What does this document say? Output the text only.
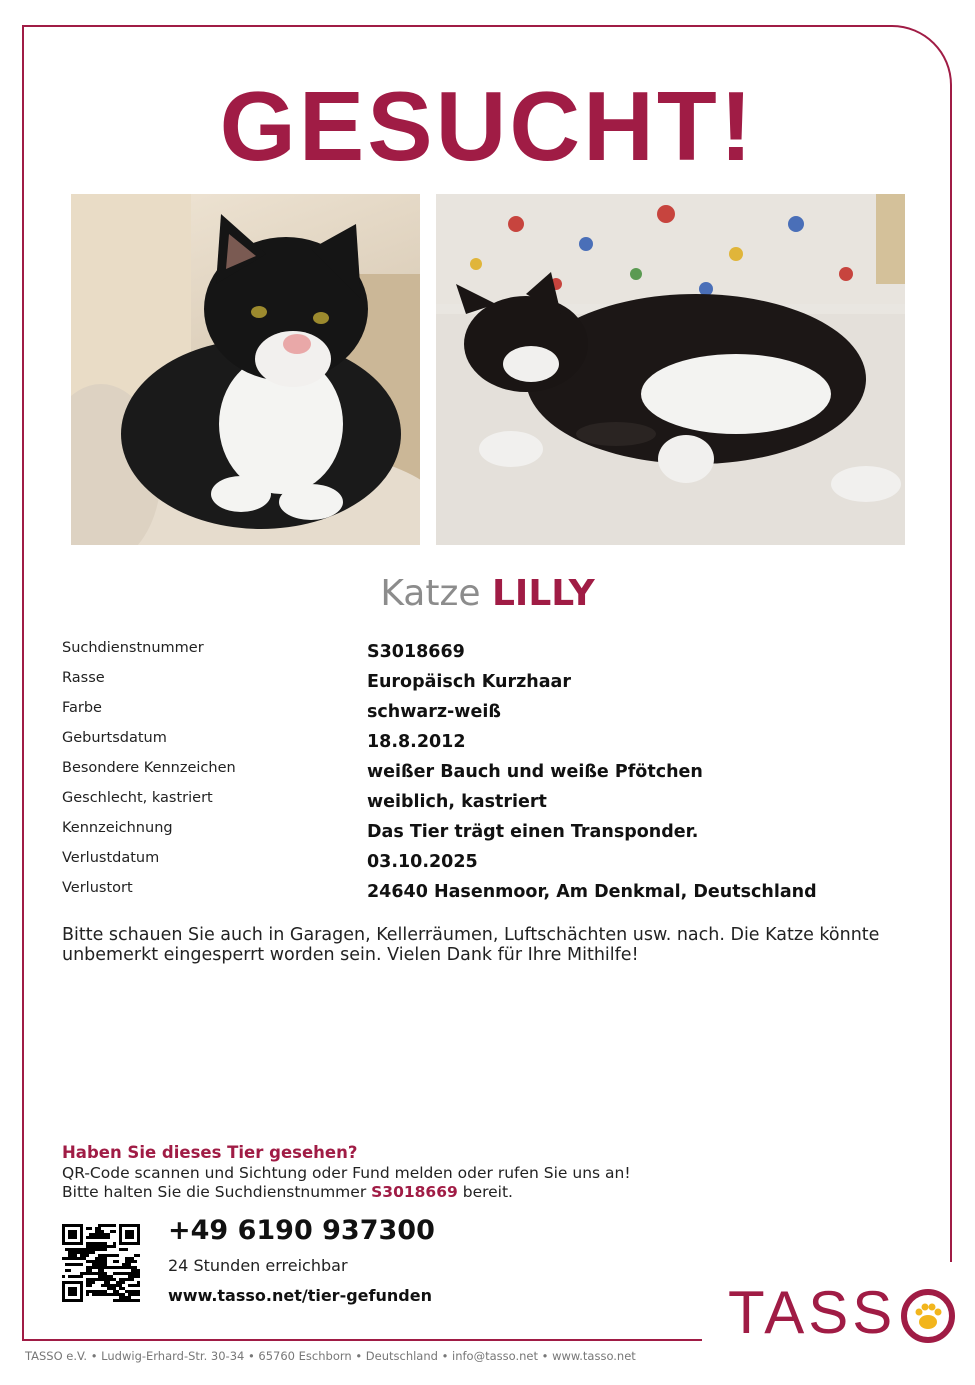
GESUCHT!
Katze LILLY
Suchdienstnummer	S3018669
Rasse	Europäisch Kurzhaar
Farbe	schwarz-weiß
Geburtsdatum	18.8.2012
Besondere Kennzeichen	weißer Bauch und weiße Pfötchen
Geschlecht, kastriert	weiblich, kastriert
Kennzeichnung	Das Tier trägt einen Transponder.
Verlustdatum	03.10.2025
Verlustort	24640 Hasenmoor, Am Denkmal, Deutschland
Bitte schauen Sie auch in Garagen, Kellerräumen, Luftschächten usw. nach. Die Katze könnte unbemerkt eingesperrt worden sein. Vielen Dank für Ihre Mithilfe!
Haben Sie dieses Tier gesehen?
QR-Code scannen und Sichtung oder Fund melden oder rufen Sie uns an!
Bitte halten Sie die Suchdienstnummer S3018669 bereit.
+49 6190 937300
24 Stunden erreichbar
www.tasso.net/tier-gefunden	TASS
TASSO e.V. • Ludwig-Erhard-Str. 30-34 • 65760 Eschborn • Deutschland • info@tasso.net • www.tasso.net
